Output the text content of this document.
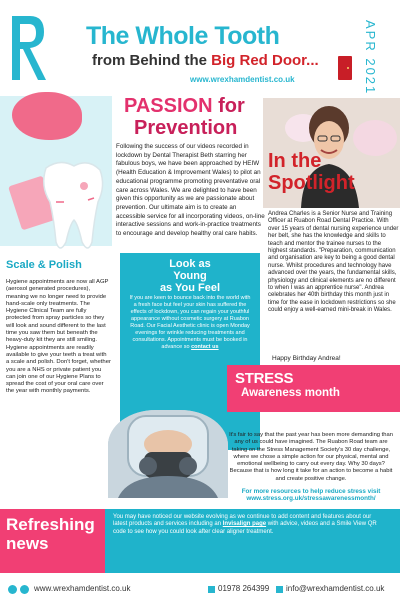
The Whole Tooth
from Behind the Big Red Door...
www.wrexhamdentist.co.uk	APR 2021
PASSION for
Prevention
Following the success of our videos recorded in lockdown by Dental Therapist Beth starring her fabulous boys, we have been approached by HEIW (Health Education & Improvement Wales) to pilot an educational programme promoting preventative oral care across Wales. We are delighted to have been given this opportunity as we are passionate about prevention. Our ultimate aim is to create an accessible service for all incorporating videos, on-line interactive sessions and work-in-practice treatments to encourage and develop healthy oral care habits.
In the
Spotlight
Andrea Charles is a Senior Nurse and Training Officer at Ruabon Road Dental Practice. With over 15 years of dental nursing experience under her belt, she has the knowledge and skills to teach and mentor the trainee nurses to the highest standards. "Preparation, communication and organisation are key to being a good dental nurse. Whilst procedures and technology have advanced over the years, the fundamental skills, physiology and clinical elements are no different to when I was an apprentice nurse". Andrea celebrates her 40th birthday this month just in time for the ease in lockdown restrictions so she could enjoy a well-earned mini-break in Wales.
Happy Birthday Andrea!
Scale & Polish
Hygiene appointments are now all AGP (aerosol generated procedures), meaning we no longer need to provide hand-scale only treatments. The Hygiene Clinical Team are fully protected from spray particles so they will look and sound different to the last time you saw them but beneath the heavy-duty kit they are still smiling. Hygiene appointments are readily available to give your teeth a treat with a scale and polish. Don't forget, whether you are a NHS or private patient you can join one of our Hygiene Plans to spread the cost of your oral care over the year with monthly payments.
Look as
Young
as You Feel
If you are keen to bounce back into the world with a fresh face but feel your skin has suffered the effects of lockdown, you can regain your youthful appearance without cosmetic surgery at Ruabon Road. Our Facial Aesthetic clinic is open Monday evenings for wrinkle reducing treatments and consultations. Appointments must be booked in advance so contact us
STRESS
Awareness month
It's fair to say that the past year has been more demanding than any of us could have imagined. The Ruabon Road team are taking on the Stress Management Society's 30 day challenge, where we chose a simple action for our physical, mental and emotional wellbeing to carry out every day. Why 30 days? Because that is how long it take for an action to become a habit and create positive change.
For more resources to help reduce stress visit www.stress.org.uk/stressawarenessmonth/
Refreshing
news
You may have noticed our website evolving as we continue to add content and features about our latest products and services including an Invisalign page with advice, videos and a Smile View QR code to see how you could look after clear aligner treatment.
www.wrexhamdentist.co.uk	01978 264399 info@wrexhamdentist.co.uk
